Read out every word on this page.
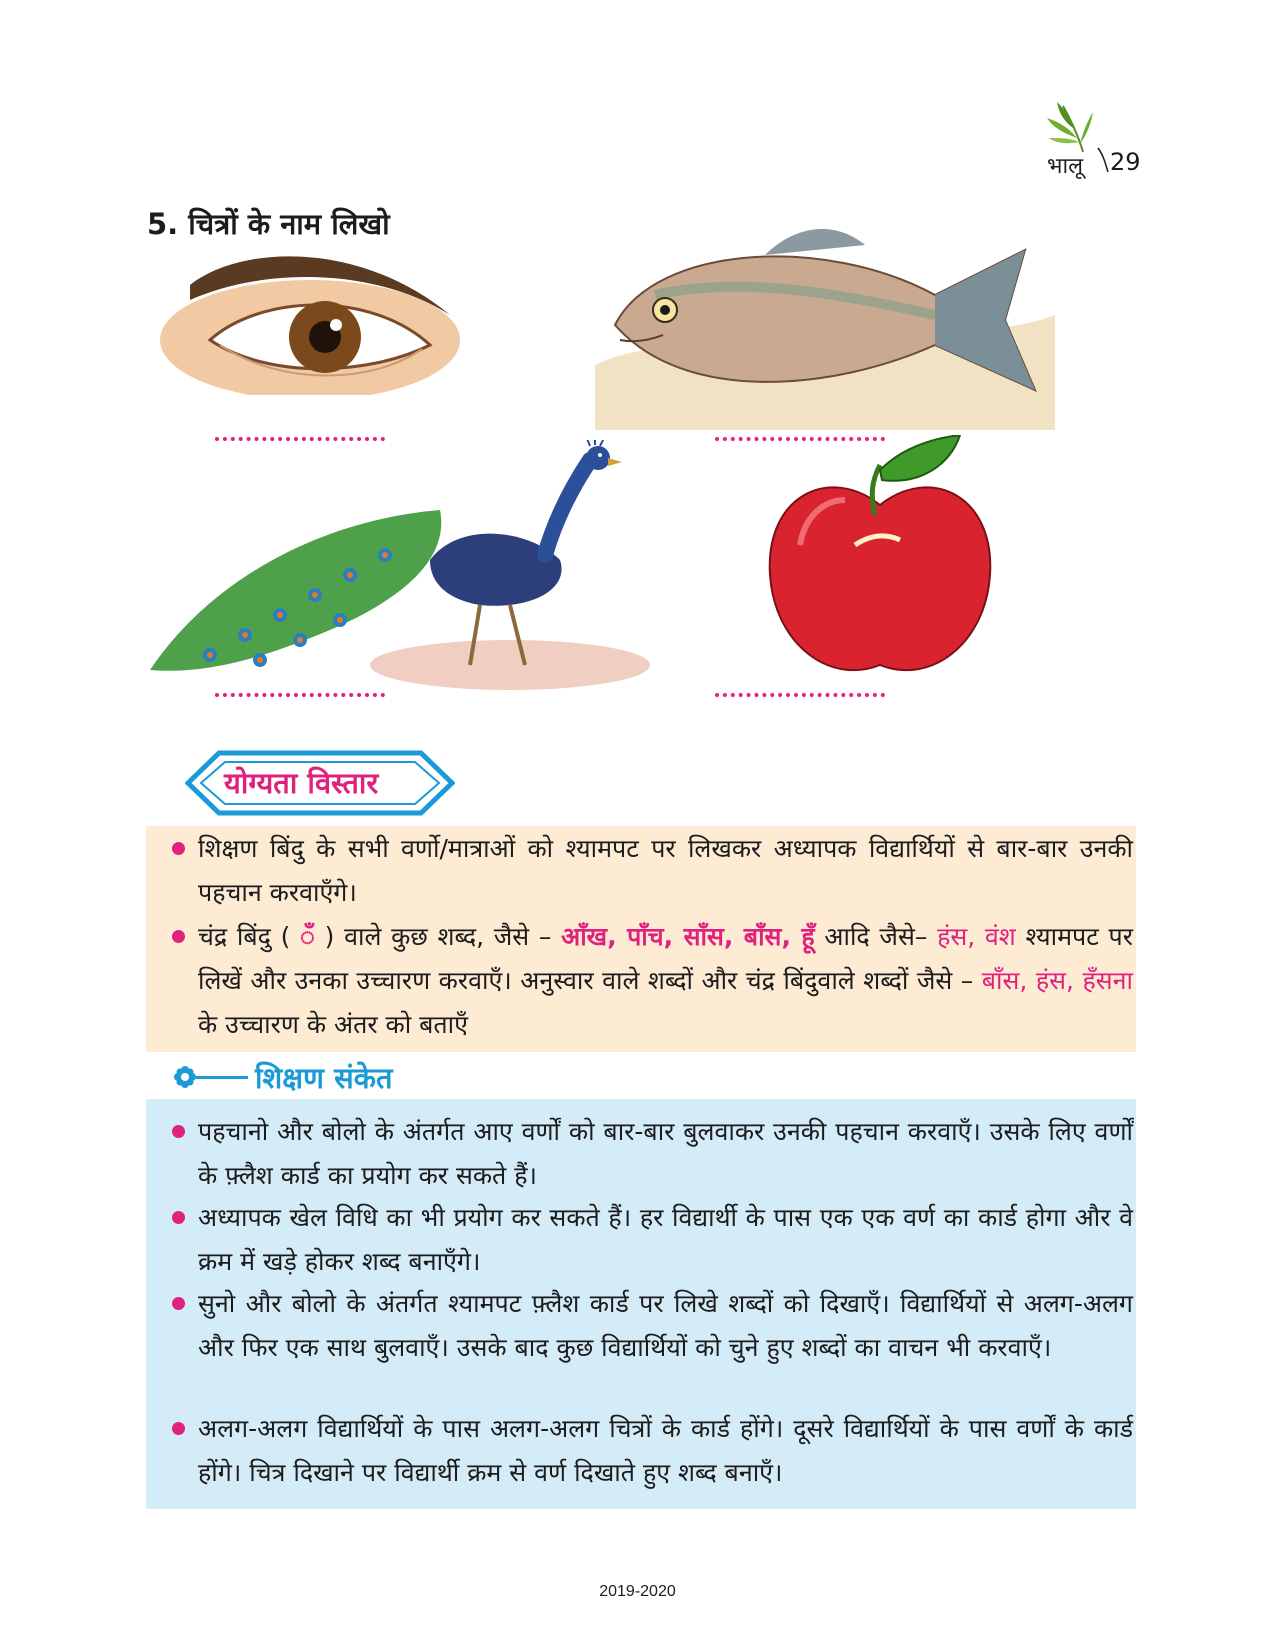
भालू 29
5. चित्रों के नाम लिखो
योग्यता विस्तार
शिक्षण बिंदु के सभी वर्णो/मात्राओं को श्यामपट पर लिखकर अध्यापक विद्यार्थियों से बार-बार उनकी पहचान करवाएँगे।
चंद्र बिंदु ( ँ ) वाले कुछ शब्द, जैसे – आँख, पाँच, साँस, बाँस, हूँ आदि जैसे– हंस, वंश श्यामपट पर लिखें और उनका उच्चारण करवाएँ। अनुस्वार वाले शब्दों और चंद्र बिंदुवाले शब्दों जैसे – बाँस, हंस, हँसना के उच्चारण के अंतर को बताएँ
शिक्षण संकेत
पहचानो और बोलो के अंतर्गत आए वर्णों को बार-बार बुलवाकर उनकी पहचान करवाएँ। उसके लिए वर्णों के फ़्लैश कार्ड का प्रयोग कर सकते हैं।
अध्यापक खेल विधि का भी प्रयोग कर सकते हैं। हर विद्यार्थी के पास एक एक वर्ण का कार्ड होगा और वे क्रम में खड़े होकर शब्द बनाएँगे।
सुनो और बोलो के अंतर्गत श्यामपट फ़्लैश कार्ड पर लिखे शब्दों को दिखाएँ। विद्यार्थियों से अलग-अलग और फिर एक साथ बुलवाएँ। उसके बाद कुछ विद्यार्थियों को चुने हुए शब्दों का वाचन भी करवाएँ।
अलग-अलग विद्यार्थियों के पास अलग-अलग चित्रों के कार्ड होंगे। दूसरे विद्यार्थियों के पास वर्णों के कार्ड होंगे। चित्र दिखाने पर विद्यार्थी क्रम से वर्ण दिखाते हुए शब्द बनाएँ।
2019-2020
